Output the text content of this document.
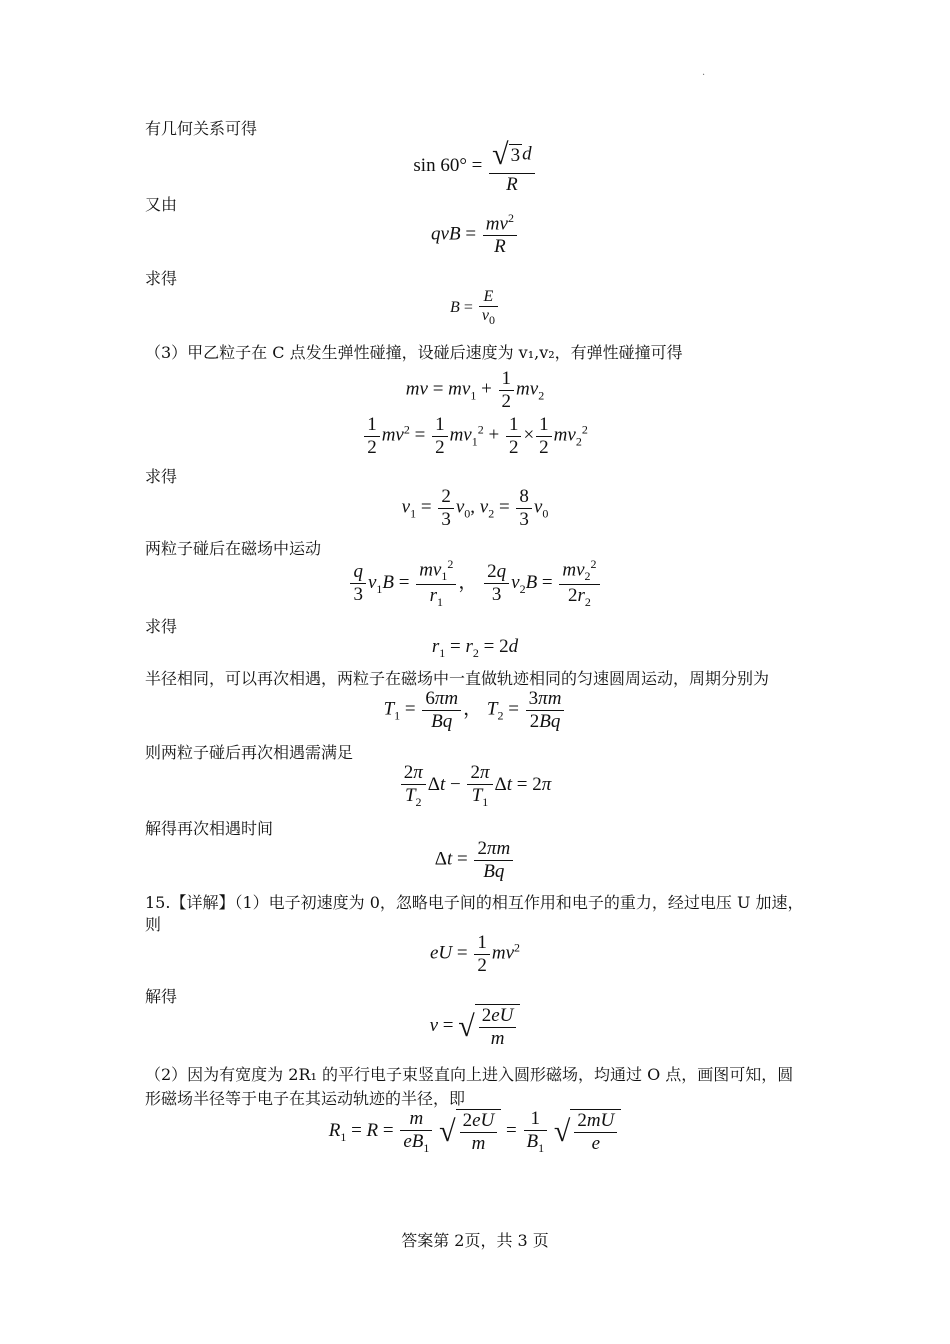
·
有几何关系可得
$\sin 60^\circ = \frac{√ 3 d}{R}$
又由
qvB = $\frac{mv^2}{R}$
求得
$B = \frac{E}{v_0}$
（3）甲乙粒子在 C 点发生弹性碰撞，设碰后速度为 v₁,v₂，有弹性碰撞可得
mv = $mv_1 + \frac{1}{2} mv_2$
$\frac{1}{2} mv^2 = \frac{1}{2} mv_1^2 + \frac{1}{2} \times \frac{1}{2} mv_2^2$
求得
$v_1 = \frac{2}{3} v_0$, $v_2 = \frac{8}{3} v_0$
两粒子碰后在磁场中运动
$\frac{q}{3} v_1B = \frac{mv_1^2}{r_1}$ ， $\frac{2q}{3} v_2B = \frac{mv_2^2}{2r_2}$
求得
$r_1 = r_2 = 2d$
半径相同，可以再次相遇，两粒子在磁场中一直做轨迹相同的匀速圆周运动，周期分别为
$T_1 = \frac{6\pi m}{Bq}$ ， $T_2 = \frac{3\pi m}{2Bq}$
则两粒子碰后再次相遇需满足
$\frac{2\pi}{T_2}$ $\Delta t - \frac{2\pi}{T_1}$ Δt = 2π
解得再次相遇时间
$\Delta t = \frac{2\pi m}{Bq}$
15.【详解】（1）电子初速度为 0，忽略电子间的相互作用和电子的重力，经过电压 U 加速，
则
eU = $\frac{1}{2} mv^2$
解得
v = √ $\frac{2eU}{m}$
（2）因为有宽度为 2R₁ 的平行电子束竖直向上进入圆形磁场，均通过 O 点，画图可知，圆
形磁场半径等于电子在其运动轨迹的半径，即
$R_1 = R = \frac{m}{eB_1}$ √ $\frac{2eU}{m} = \frac{1}{B_1}$ √ $\frac{2mU}{e}$
答案第 2页，共 3 页
